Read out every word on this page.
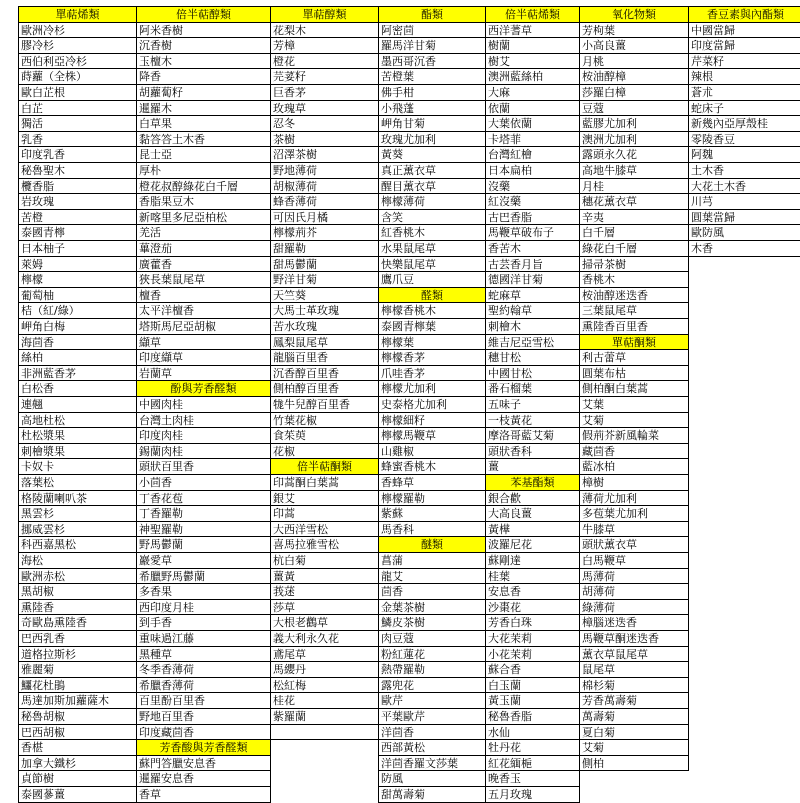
單萜烯類
歐洲冷杉
膠冷杉
西伯利亞冷杉
蒔蘿（全株）
歐白芷根
白芷
獨活
乳香
印度乳香
秘魯聖木
欖香脂
岩玫瑰
苦橙
泰國青檸
日本柚子
萊姆
檸檬
葡萄柚
桔（紅/綠）
岬角白梅
海茴香
絲柏
非洲藍香茅
白松香
連翹
高地杜松
杜松漿果
刺檜漿果
卡奴卡
落葉松
格陵蘭喇叭茶
黑雲杉
挪威雲杉
科西嘉黑松
海松
歐洲赤松
黑胡椒
熏陸香
奇歐島熏陸香
巴西乳香
道格拉斯杉
雅麗菊
鱷花杜鵑
馬達加斯加蘿薩木
秘魯胡椒
巴西胡椒
香椹
加拿大鐵杉
貞節樹
泰國蔘薑
倍半萜醇類
阿米香樹
沉香樹
玉檀木
降香
胡蘿蔔籽
暹羅木
白草果
黏答答土木香
昆士亞
厚朴
橙花叔醇綠花白千層
香脂果豆木
新喀里多尼亞柏松
羌活
蓽澄茄
廣藿香
狹長葉鼠尾草
檀香
太平洋檀香
塔斯馬尼亞胡椒
纈草
印度纈草
岩蘭草
酚與芳香醛類
中國肉桂
台灣土肉桂
印度肉桂
錫蘭肉桂
頭狀百里香
小茴香
丁香花苞
丁香羅勒
神聖羅勒
野馬鬱蘭
巖愛草
希臘野馬鬱蘭
多香果
西印度月桂
到手香
重味過江藤
黑種草
冬季香薄荷
希臘香薄荷
百里酚百里香
野地百里香
印度藏茴香
芳香酸與芳香醛類
蘇門答臘安息香
暹羅安息香
香草
單萜醇類
花梨木
芳樟
橙花
芫荽籽
巨香茅
玫瑰草
忍冬
茶樹
沼澤茶樹
野地薄荷
胡椒薄荷
蜂香薄荷
可因氏月橘
檸檬荊芥
甜羅勒
甜馬鬱蘭
野洋甘菊
天竺葵
大馬士革玫瑰
苦水玫瑰
鳳梨鼠尾草
龍腦百里香
沉香醇百里香
側柏醇百里香
牻牛兒醇百里香
竹葉花椒
食茱萸
花椒
倍半萜酮類
印蒿酮白葉蒿
銀艾
印蒿
大西洋雪松
喜馬拉雅雪松
杭白菊
薑黃
莪蒁
莎草
大根老鸛草
義大利永久花
鳶尾草
馬纓丹
松紅梅
桂花
紫羅蘭
酯類
阿密茴
羅馬洋甘菊
墨西哥沉香
苦橙葉
佛手柑
小飛蓬
岬角甘菊
玫瑰尤加利
黃葵
真正薰衣草
醒目薰衣草
檸檬薄荷
含笑
紅香桃木
水果鼠尾草
快樂鼠尾草
鷹爪豆
醛類
檸檬香桃木
泰國青檸葉
檸檬葉
檸檬香茅
爪哇香茅
檸檬尤加利
史泰格尤加利
檸檬細籽
檸檬馬鞭草
山雞椒
蜂蜜香桃木
香蜂草
檸檬羅勒
紫蘇
馬香科
醚類
菖蒲
龍艾
茴香
金葉茶樹
鱗皮茶樹
肉豆蔻
粉紅蓮花
熱帶羅勒
露兜花
歐芹
平葉歐芹
洋茴香
西部黃松
洋茴香羅文莎葉
防風
甜萬壽菊
倍半萜烯類
西洋蓍草
樹蘭
樹艾
澳洲藍絲柏
大麻
依蘭
大葉依蘭
卡塔菲
台灣紅檜
日本扁柏
沒藥
紅沒藥
古巴香脂
馬鞭草破布子
香苦木
古芸香月旨
德國洋甘菊
蛇麻草
聖約翰草
刺檜木
維吉尼亞雪松
穗甘松
中國甘松
番石榴葉
五味子
一枝黃花
摩洛哥藍艾菊
頭狀香科
薑
苯基酯類
銀合歡
大高良薑
黃樺
波羅尼花
蘇剛達
桂葉
安息香
沙棗花
芳香白珠
大花茉莉
小花茉莉
蘇合香
白玉蘭
黃玉蘭
秘魯香脂
水仙
牡丹花
紅花緬梔
晚香玉
五月玫瑰
氧化物類
芳枸葉
小高良薑
月桃
桉油醇樟
莎羅白樟
豆蔻
藍膠尤加利
澳洲尤加利
露頭永久花
高地牛膝草
月桂
穗花薰衣草
辛夷
白千層
綠花白千層
掃帚茶樹
香桃木
桉油醇迷迭香
三葉鼠尾草
熏陸香百里香
單萜酮類
利古蕾草
圓葉布枯
側柏酮白葉蒿
艾葉
艾菊
假荊芥新風輪菜
藏茴香
藍冰柏
樟樹
薄荷尤加利
多苞葉尤加利
牛膝草
頭狀薰衣草
白馬鞭草
馬薄荷
胡薄荷
綠薄荷
樟腦迷迭香
馬鞭草酮迷迭香
薰衣草鼠尾草
鼠尾草
棉杉菊
芳香萬壽菊
萬壽菊
夏白菊
艾菊
側柏
香豆素與內酯類
中國當歸
印度當歸
芹菜籽
辣根
蒼朮
蛇床子
新幾內亞厚殼桂
零陵香豆
阿魏
土木香
大花土木香
川芎
圓葉當歸
歐防風
木香
